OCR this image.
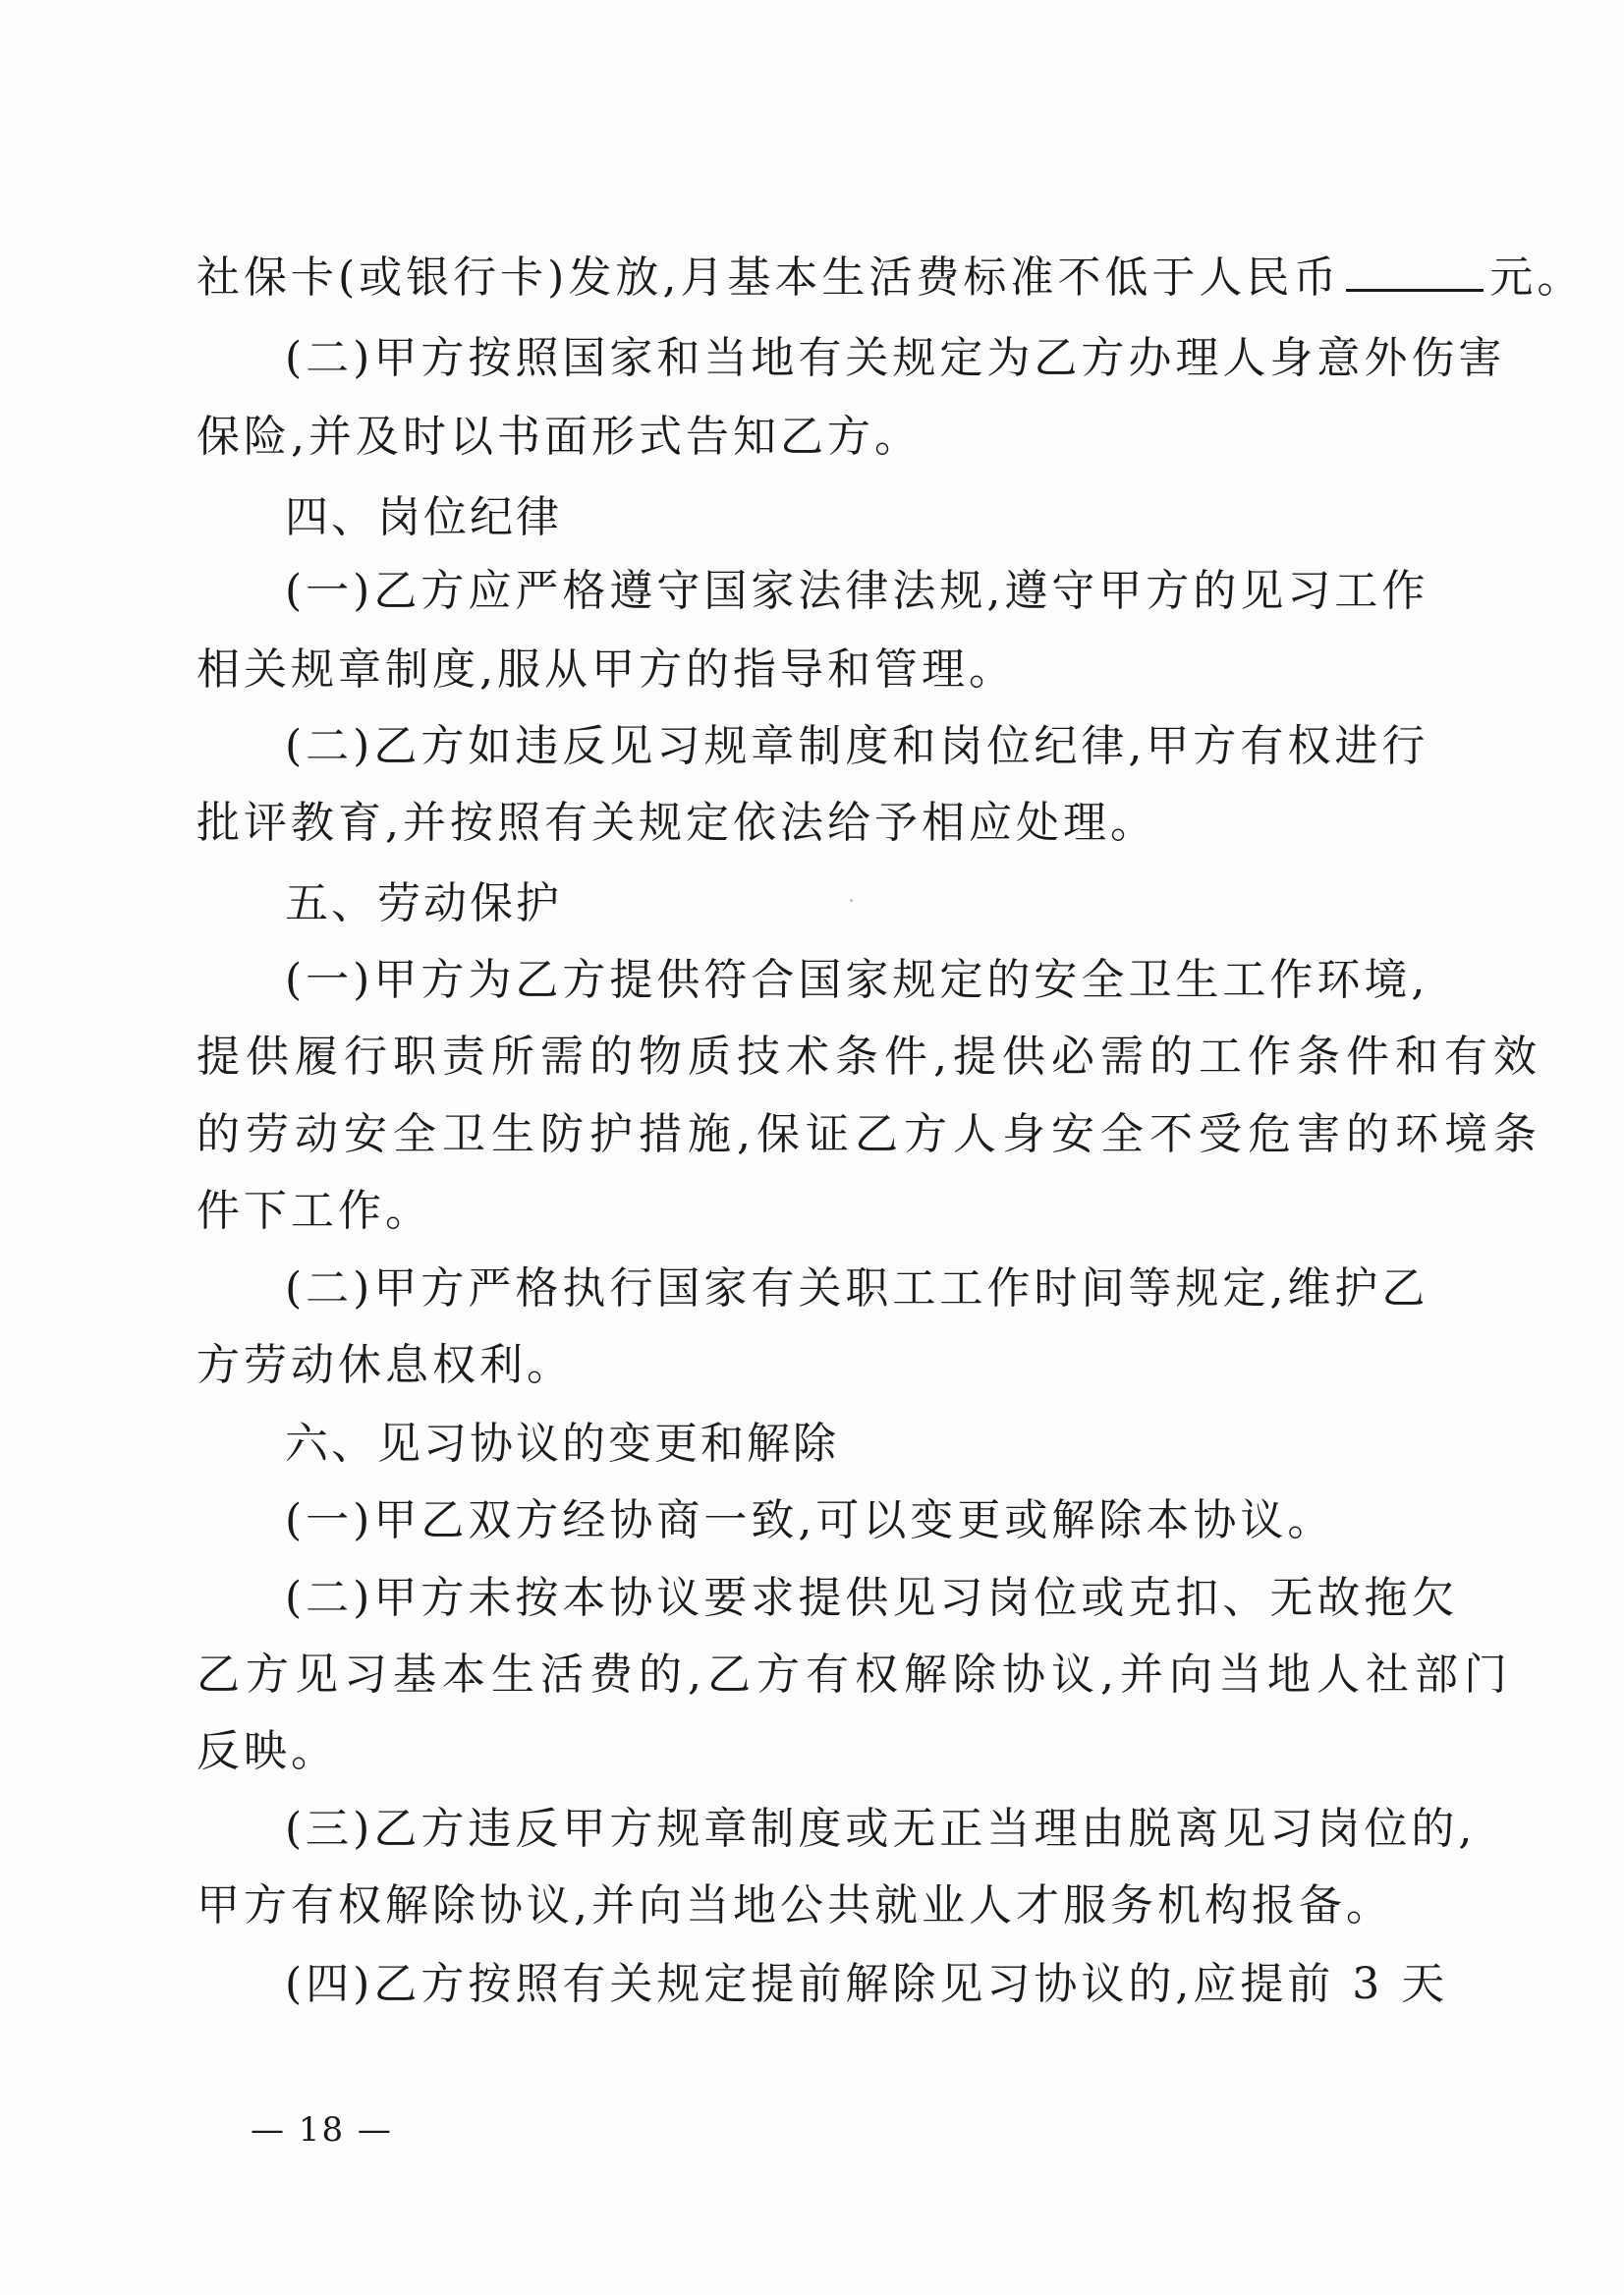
社保卡(或银行卡)发放,月基本生活费标准不低于人民币	元。
(二)甲方按照国家和当地有关规定为乙方办理人身意外伤害
保险,并及时以书面形式告知乙方。
四、岗位纪律
(一)乙方应严格遵守国家法律法规,遵守甲方的见习工作
相关规章制度,服从甲方的指导和管理。
(二)乙方如违反见习规章制度和岗位纪律,甲方有权进行
批评教育,并按照有关规定依法给予相应处理。
五、劳动保护
(一)甲方为乙方提供符合国家规定的安全卫生工作环境,
提供履行职责所需的物质技术条件,提供必需的工作条件和有效
的劳动安全卫生防护措施,保证乙方人身安全不受危害的环境条
件下工作。
(二)甲方严格执行国家有关职工工作时间等规定,维护乙
方劳动休息权利。
六、见习协议的变更和解除
(一)甲乙双方经协商一致,可以变更或解除本协议。
(二)甲方未按本协议要求提供见习岗位或克扣、无故拖欠
乙方见习基本生活费的,乙方有权解除协议,并向当地人社部门
反映。
(三)乙方违反甲方规章制度或无正当理由脱离见习岗位的,
甲方有权解除协议,并向当地公共就业人才服务机构报备。
(四)乙方按照有关规定提前解除见习协议的,应提前 3 天
— 18 —
